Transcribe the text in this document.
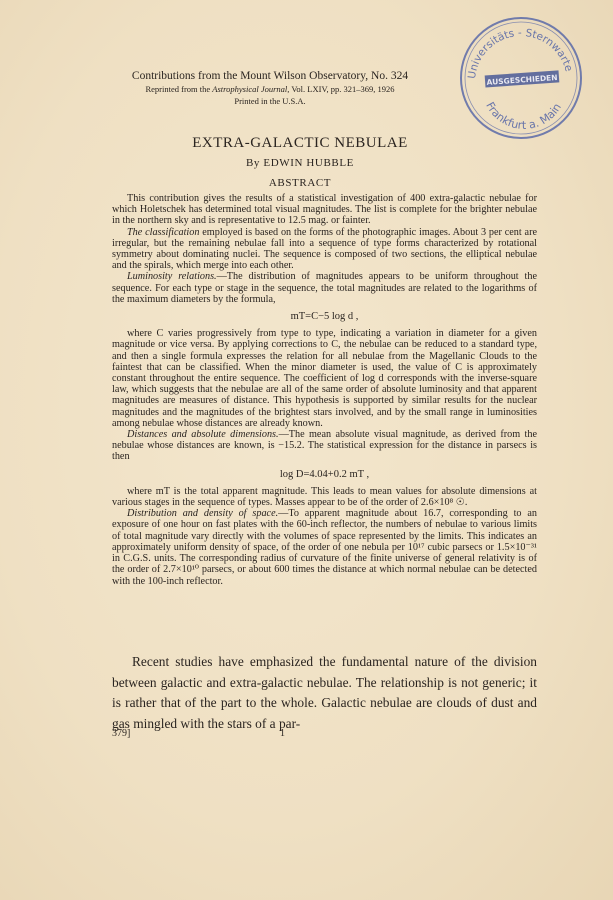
Contributions from the Mount Wilson Observatory, No. 324
Reprinted from the Astrophysical Journal, Vol. LXIV, pp. 321–369, 1926
Printed in the U.S.A.
Universitäts - Sternwarte
AUSGESCHIEDEN
Frankfurt a. Main
EXTRA-GALACTIC NEBULAE
By EDWIN HUBBLE
ABSTRACT

This contribution gives the results of a statistical investigation of 400 extra-galactic nebulae for which Holetschek has determined total visual magnitudes. The list is complete for the brighter nebulae in the northern sky and is representative to 12.5 mag. or fainter.

The classification employed is based on the forms of the photographic images. About 3 per cent are irregular, but the remaining nebulae fall into a sequence of type forms characterized by rotational symmetry about dominating nuclei. The sequence is composed of two sections, the elliptical nebulae and the spirals, which merge into each other.

Luminosity relations.—The distribution of magnitudes appears to be uniform throughout the sequence. For each type or stage in the sequence, the total magnitudes are related to the logarithms of the maximum diameters by the formula,

mT=C−5 log d ,

where C varies progressively from type to type, indicating a variation in diameter for a given magnitude or vice versa. By applying corrections to C, the nebulae can be reduced to a standard type, and then a single formula expresses the relation for all nebulae from the Magellanic Clouds to the faintest that can be classified. When the minor diameter is used, the value of C is approximately constant throughout the entire sequence. The coefficient of log d corresponds with the inverse-square law, which suggests that the nebulae are all of the same order of absolute luminosity and that apparent magnitudes are measures of distance. This hypothesis is supported by similar results for the nuclear magnitudes and the magnitudes of the brightest stars involved, and by the small range in luminosities among nebulae whose distances are already known.

Distances and absolute dimensions.—The mean absolute visual magnitude, as derived from the nebulae whose distances are known, is −15.2. The statistical expression for the distance in parsecs is then

log D=4.04+0.2 mT ,

where mT is the total apparent magnitude. This leads to mean values for absolute dimensions at various stages in the sequence of types. Masses appear to be of the order of 2.6×10⁸ ☉.

Distribution and density of space.—To apparent magnitude about 16.7, corresponding to an exposure of one hour on fast plates with the 60-inch reflector, the numbers of nebulae to various limits of total magnitude vary directly with the volumes of space represented by the limits. This indicates an approximately uniform density of space, of the order of one nebula per 10¹⁷ cubic parsecs or 1.5×10⁻³¹ in C.G.S. units. The corresponding radius of curvature of the finite universe of general relativity is of the order of 2.7×10¹⁰ parsecs, or about 600 times the distance at which normal nebulae can be detected with the 100-inch reflector.

Recent studies have emphasized the fundamental nature of the division between galactic and extra-galactic nebulae. The relationship is not generic; it is rather that of the part to the whole. Galactic nebulae are clouds of dust and gas mingled with the stars of a par-

379]	1
